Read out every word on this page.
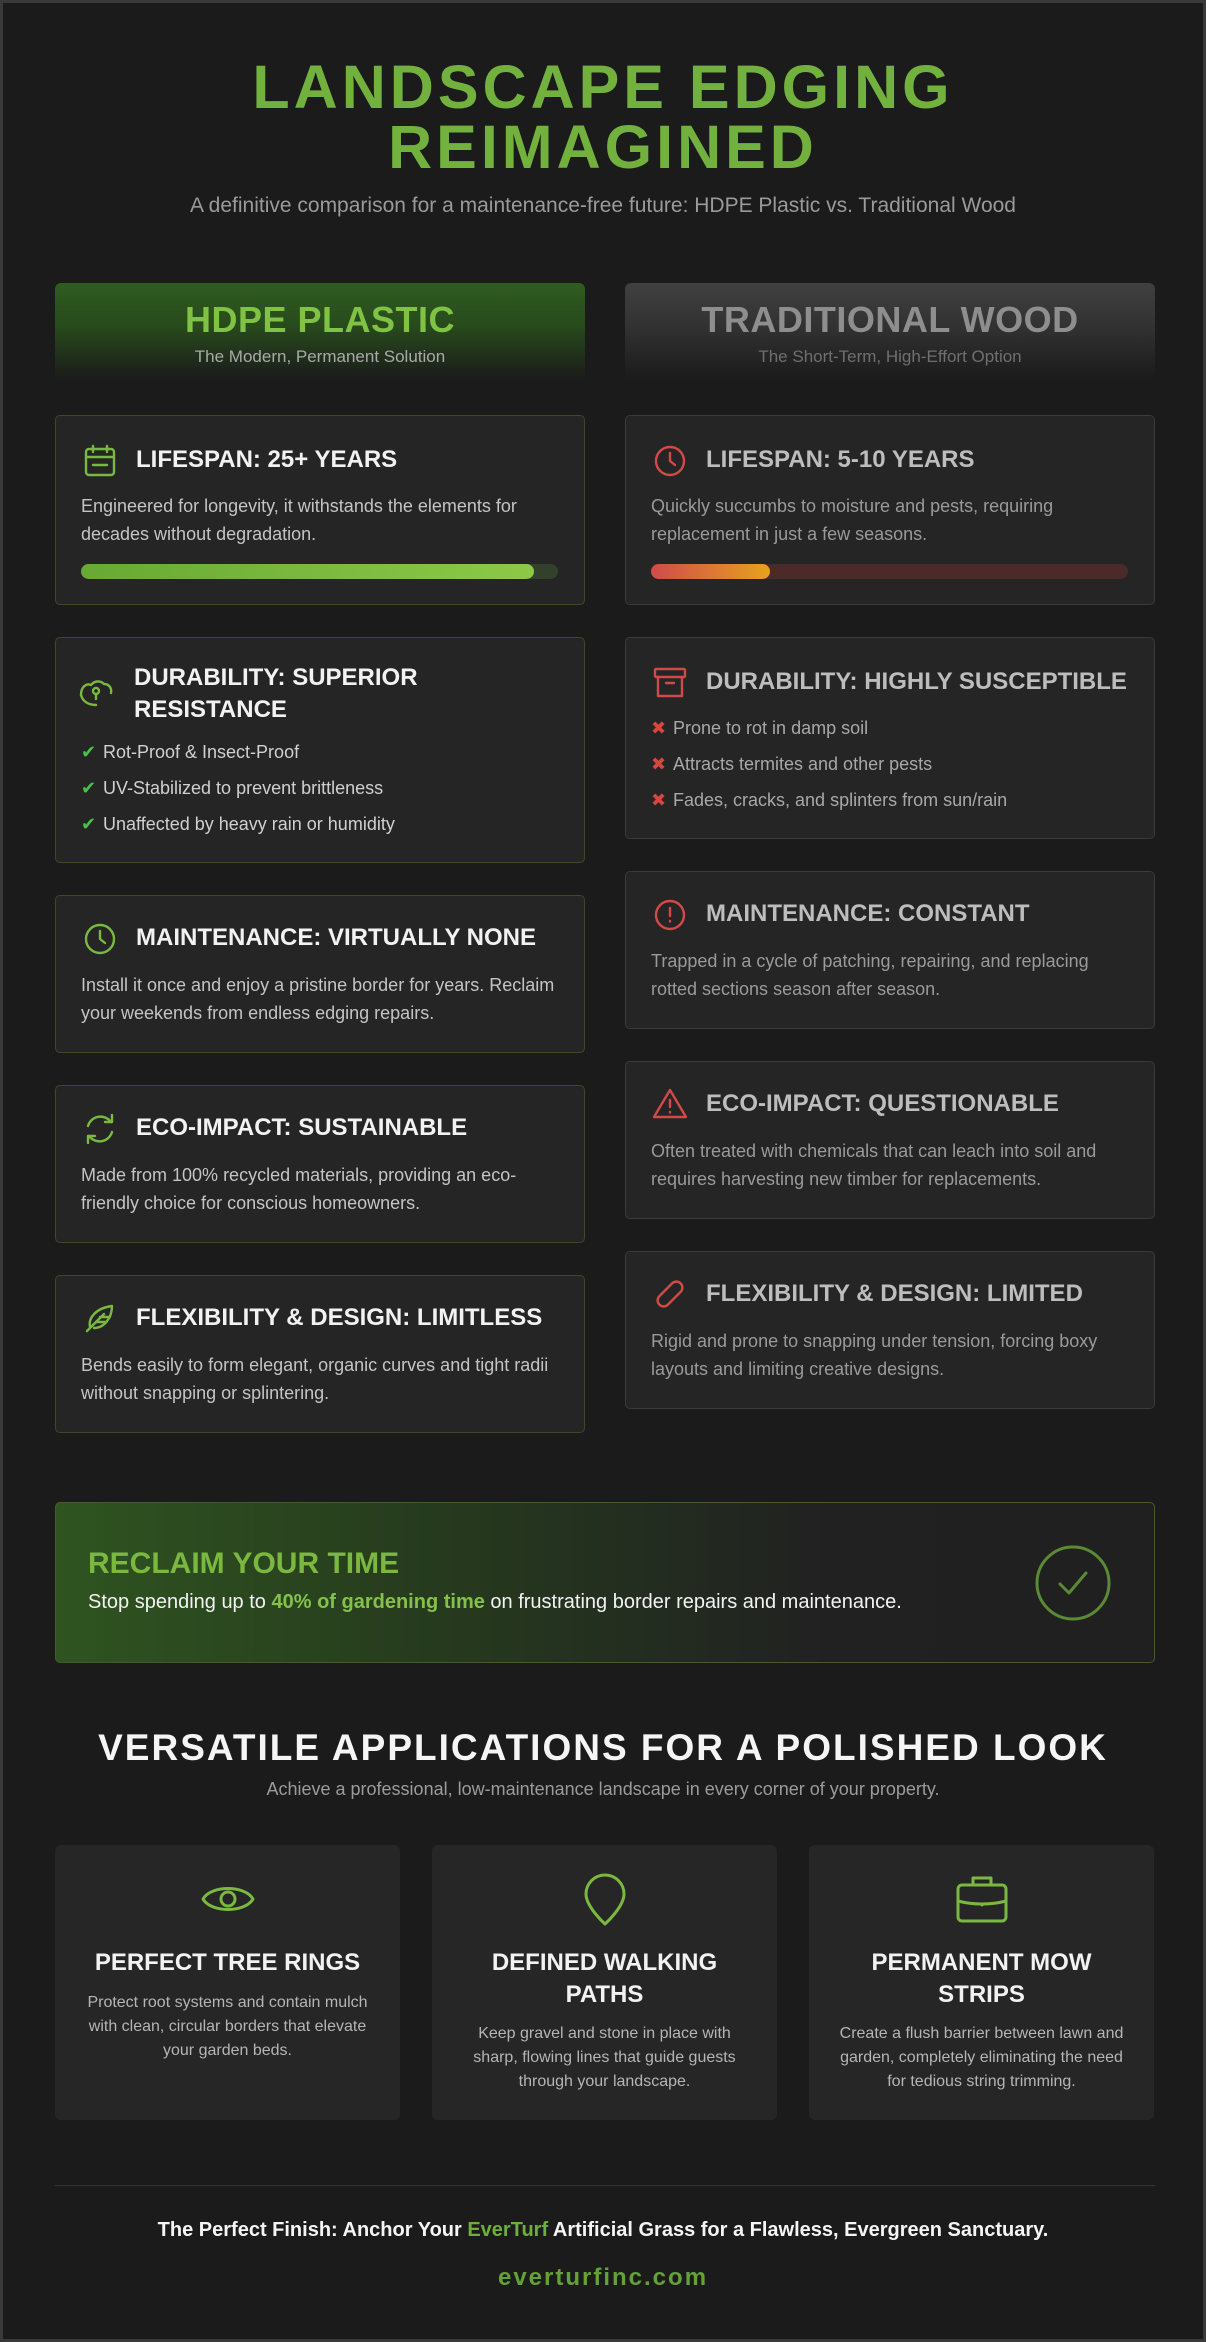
LANDSCAPE EDGING
REIMAGINED
A definitive comparison for a maintenance-free future: HDPE Plastic vs. Traditional Wood
HDPE PLASTIC
The Modern, Permanent Solution
TRADITIONAL WOOD
The Short-Term, High-Effort Option
LIFESPAN: 25+ YEARS
Engineered for longevity, it withstands the elements for decades without degradation.
DURABILITY: SUPERIOR
RESISTANCE
✔ Rot-Proof & Insect-Proof
✔ UV-Stabilized to prevent brittleness
✔ Unaffected by heavy rain or humidity
MAINTENANCE: VIRTUALLY NONE
Install it once and enjoy a pristine border for years. Reclaim your weekends from endless edging repairs.
ECO-IMPACT: SUSTAINABLE
Made from 100% recycled materials, providing an eco-friendly choice for conscious homeowners.
FLEXIBILITY & DESIGN: LIMITLESS
Bends easily to form elegant, organic curves and tight radii without snapping or splintering.
LIFESPAN: 5-10 YEARS
Quickly succumbs to moisture and pests, requiring replacement in just a few seasons.
DURABILITY: HIGHLY SUSCEPTIBLE
✖ Prone to rot in damp soil
✖ Attracts termites and other pests
✖ Fades, cracks, and splinters from sun/rain
MAINTENANCE: CONSTANT
Trapped in a cycle of patching, repairing, and replacing rotted sections season after season.
ECO-IMPACT: QUESTIONABLE
Often treated with chemicals that can leach into soil and requires harvesting new timber for replacements.
FLEXIBILITY & DESIGN: LIMITED
Rigid and prone to snapping under tension, forcing boxy layouts and limiting creative designs.
RECLAIM YOUR TIME
Stop spending up to 40% of gardening time on frustrating border repairs and maintenance.
VERSATILE APPLICATIONS FOR A POLISHED LOOK
Achieve a professional, low-maintenance landscape in every corner of your property.
PERFECT TREE RINGS
Protect root systems and contain mulch with clean, circular borders that elevate your garden beds.
DEFINED WALKING
PATHS
Keep gravel and stone in place with sharp, flowing lines that guide guests through your landscape.
PERMANENT MOW
STRIPS
Create a flush barrier between lawn and garden, completely eliminating the need for tedious string trimming.
The Perfect Finish: Anchor Your EverTurf Artificial Grass for a Flawless, Evergreen Sanctuary.
everturfinc.com
